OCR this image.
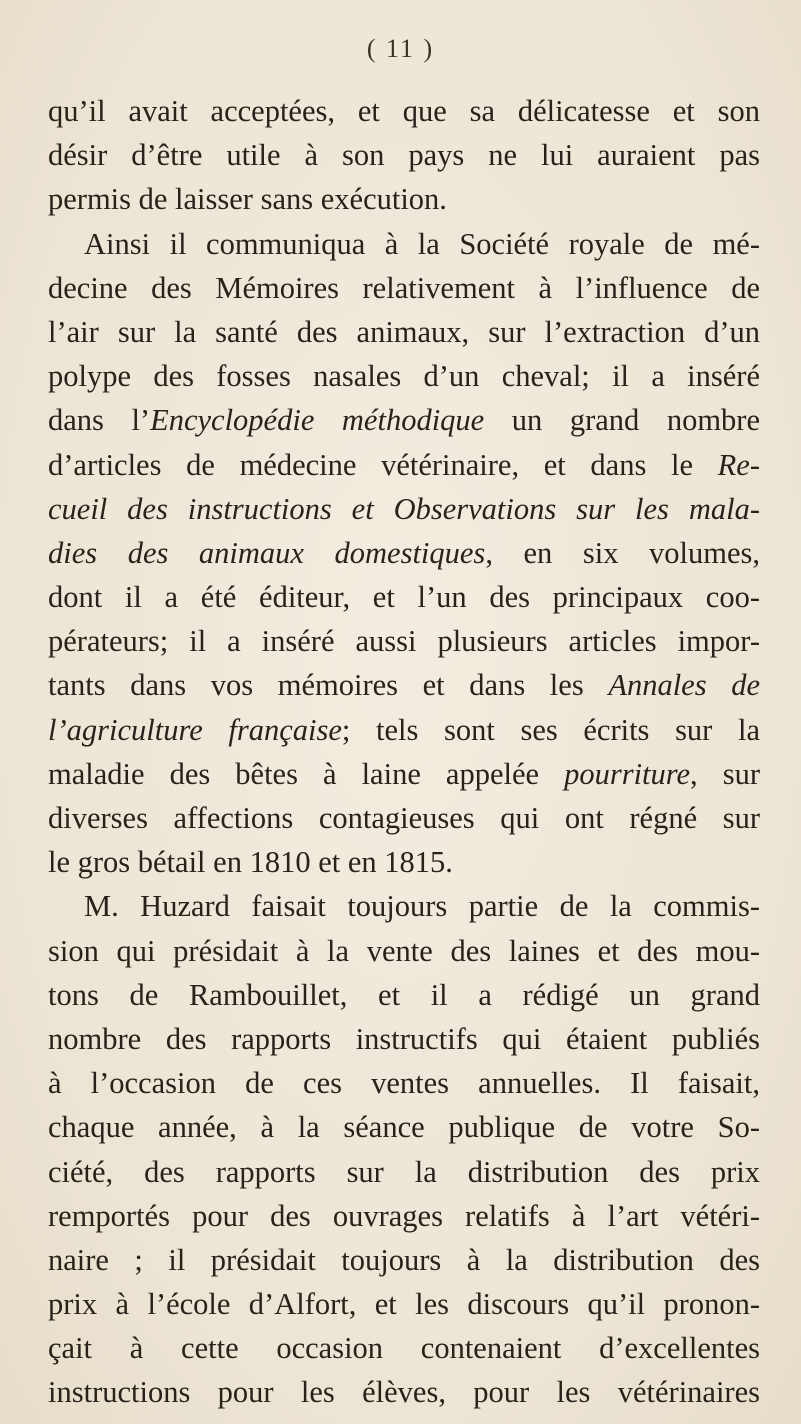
( 11 )
qu’il avait acceptées, et que sa délicatesse et son
désir d’être utile à son pays ne lui auraient pas
permis de laisser sans exécution.
Ainsi il communiqua à la Société royale de mé-
decine des Mémoires relativement à l’influence de
l’air sur la santé des animaux, sur l’extraction d’un
polype des fosses nasales d’un cheval; il a inséré
dans l’Encyclopédie méthodique un grand nombre
d’articles de médecine vétérinaire, et dans le Re-
cueil des instructions et Observations sur les mala-
dies des animaux domestiques, en six volumes,
dont il a été éditeur, et l’un des principaux coo-
pérateurs; il a inséré aussi plusieurs articles impor-
tants dans vos mémoires et dans les Annales de
l’agriculture française; tels sont ses écrits sur la
maladie des bêtes à laine appelée pourriture, sur
diverses affections contagieuses qui ont régné sur
le gros bétail en 1810 et en 1815.
M. Huzard faisait toujours partie de la commis-
sion qui présidait à la vente des laines et des mou-
tons de Rambouillet, et il a rédigé un grand
nombre des rapports instructifs qui étaient publiés
à l’occasion de ces ventes annuelles. Il faisait,
chaque année, à la séance publique de votre So-
ciété, des rapports sur la distribution des prix
remportés pour des ouvrages relatifs à l’art vétéri-
naire ; il présidait toujours à la distribution des
prix à l’école d’Alfort, et les discours qu’il pronon-
çait à cette occasion contenaient d’excellentes
instructions pour les élèves, pour les vétérinaires
